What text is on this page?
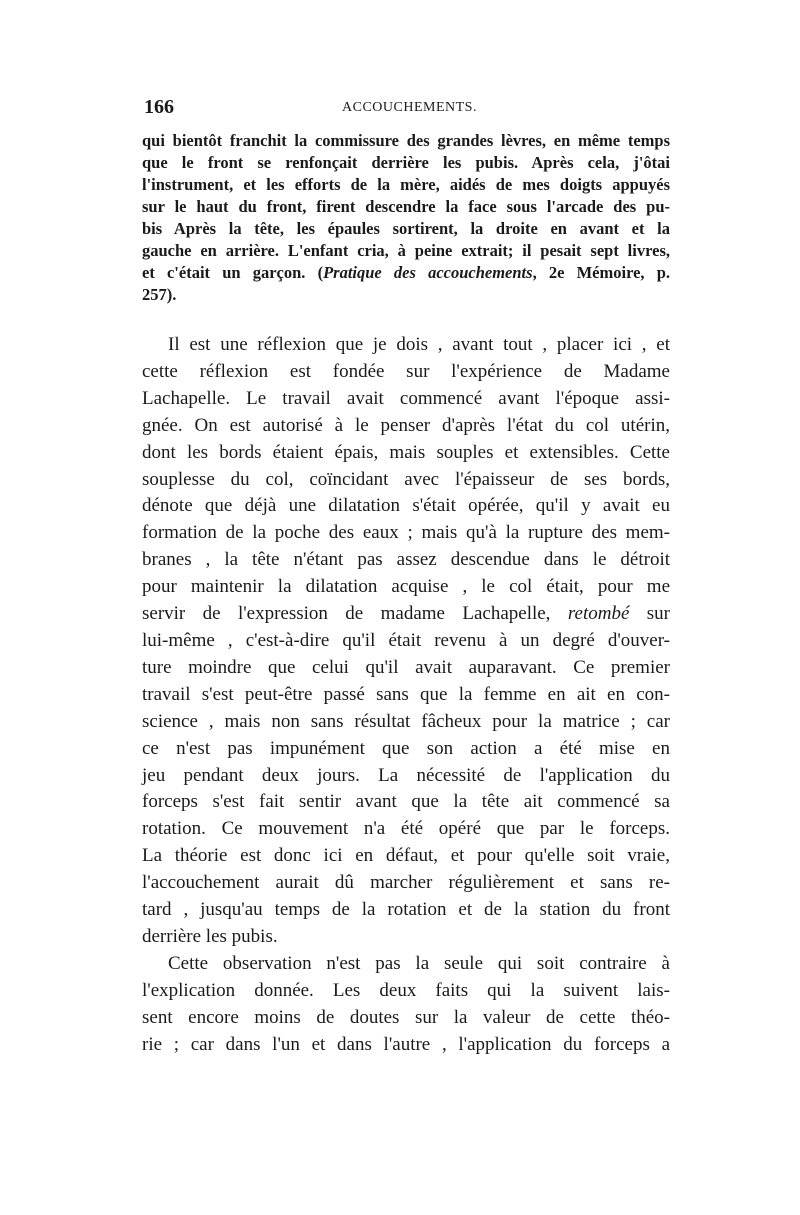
166	ACCOUCHEMENTS.

qui bientôt franchit la commissure des grandes lèvres, en même temps
que le front se renfonçait derrière les pubis. Après cela, j'ôtai
l'instrument, et les efforts de la mère, aidés de mes doigts appuyés
sur le haut du front, firent descendre la face sous l'arcade des pu-
bis Après la tête, les épaules sortirent, la droite en avant et la
gauche en arrière. L'enfant cria, à peine extrait; il pesait sept livres,
et c'était un garçon. (Pratique des accouchements, 2e Mémoire, p.
257).

Il est une réflexion que je dois , avant tout , placer ici , et
cette réflexion est fondée sur l'expérience de Madame
Lachapelle. Le travail avait commencé avant l'époque assi-
gnée. On est autorisé à le penser d'après l'état du col utérin,
dont les bords étaient épais, mais souples et extensibles. Cette
souplesse du col, coïncidant avec l'épaisseur de ses bords,
dénote que déjà une dilatation s'était opérée, qu'il y avait eu
formation de la poche des eaux ; mais qu'à la rupture des mem-
branes , la tête n'étant pas assez descendue dans le détroit
pour maintenir la dilatation acquise , le col était, pour me
servir de l'expression de madame Lachapelle, retombé sur
lui-même , c'est-à-dire qu'il était revenu à un degré d'ouver-
ture moindre que celui qu'il avait auparavant. Ce premier
travail s'est peut-être passé sans que la femme en ait en con-
science , mais non sans résultat fâcheux pour la matrice ; car
ce n'est pas impunément que son action a été mise en
jeu pendant deux jours. La nécessité de l'application du
forceps s'est fait sentir avant que la tête ait commencé sa
rotation. Ce mouvement n'a été opéré que par le forceps.
La théorie est donc ici en défaut, et pour qu'elle soit vraie,
l'accouchement aurait dû marcher régulièrement et sans re-
tard , jusqu'au temps de la rotation et de la station du front
derrière les pubis.

Cette observation n'est pas la seule qui soit contraire à
l'explication donnée. Les deux faits qui la suivent lais-
sent encore moins de doutes sur la valeur de cette théo-
rie ; car dans l'un et dans l'autre , l'application du forceps a
